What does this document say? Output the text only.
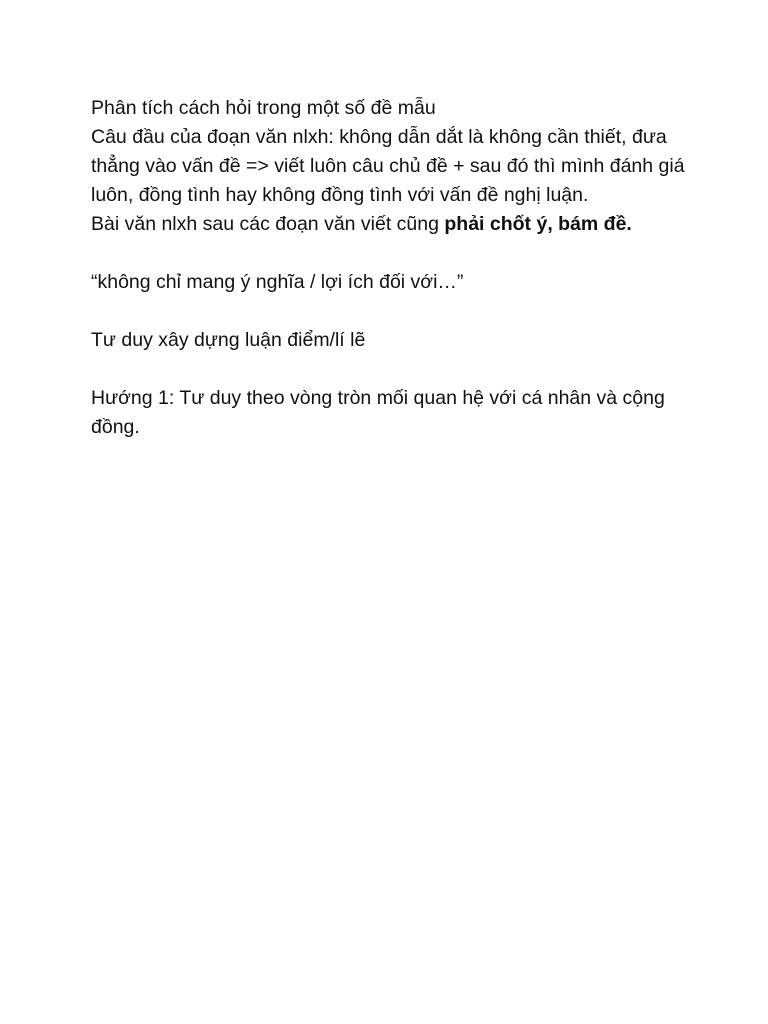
Phân tích cách hỏi trong một số đề mẫu

Câu đầu của đoạn văn nlxh: không dẫn dắt là không cần thiết, đưa thẳng vào vấn đề => viết luôn câu chủ đề + sau đó thì mình đánh giá luôn, đồng tình hay không đồng tình với vấn đề nghị luận.

Bài văn nlxh sau các đoạn văn viết cũng phải chốt ý, bám đề.

“không chỉ mang ý nghĩa / lợi ích đối với…”

Tư duy xây dựng luận điểm/lí lẽ

Hướng 1: Tư duy theo vòng tròn mối quan hệ với cá nhân và cộng đồng.
